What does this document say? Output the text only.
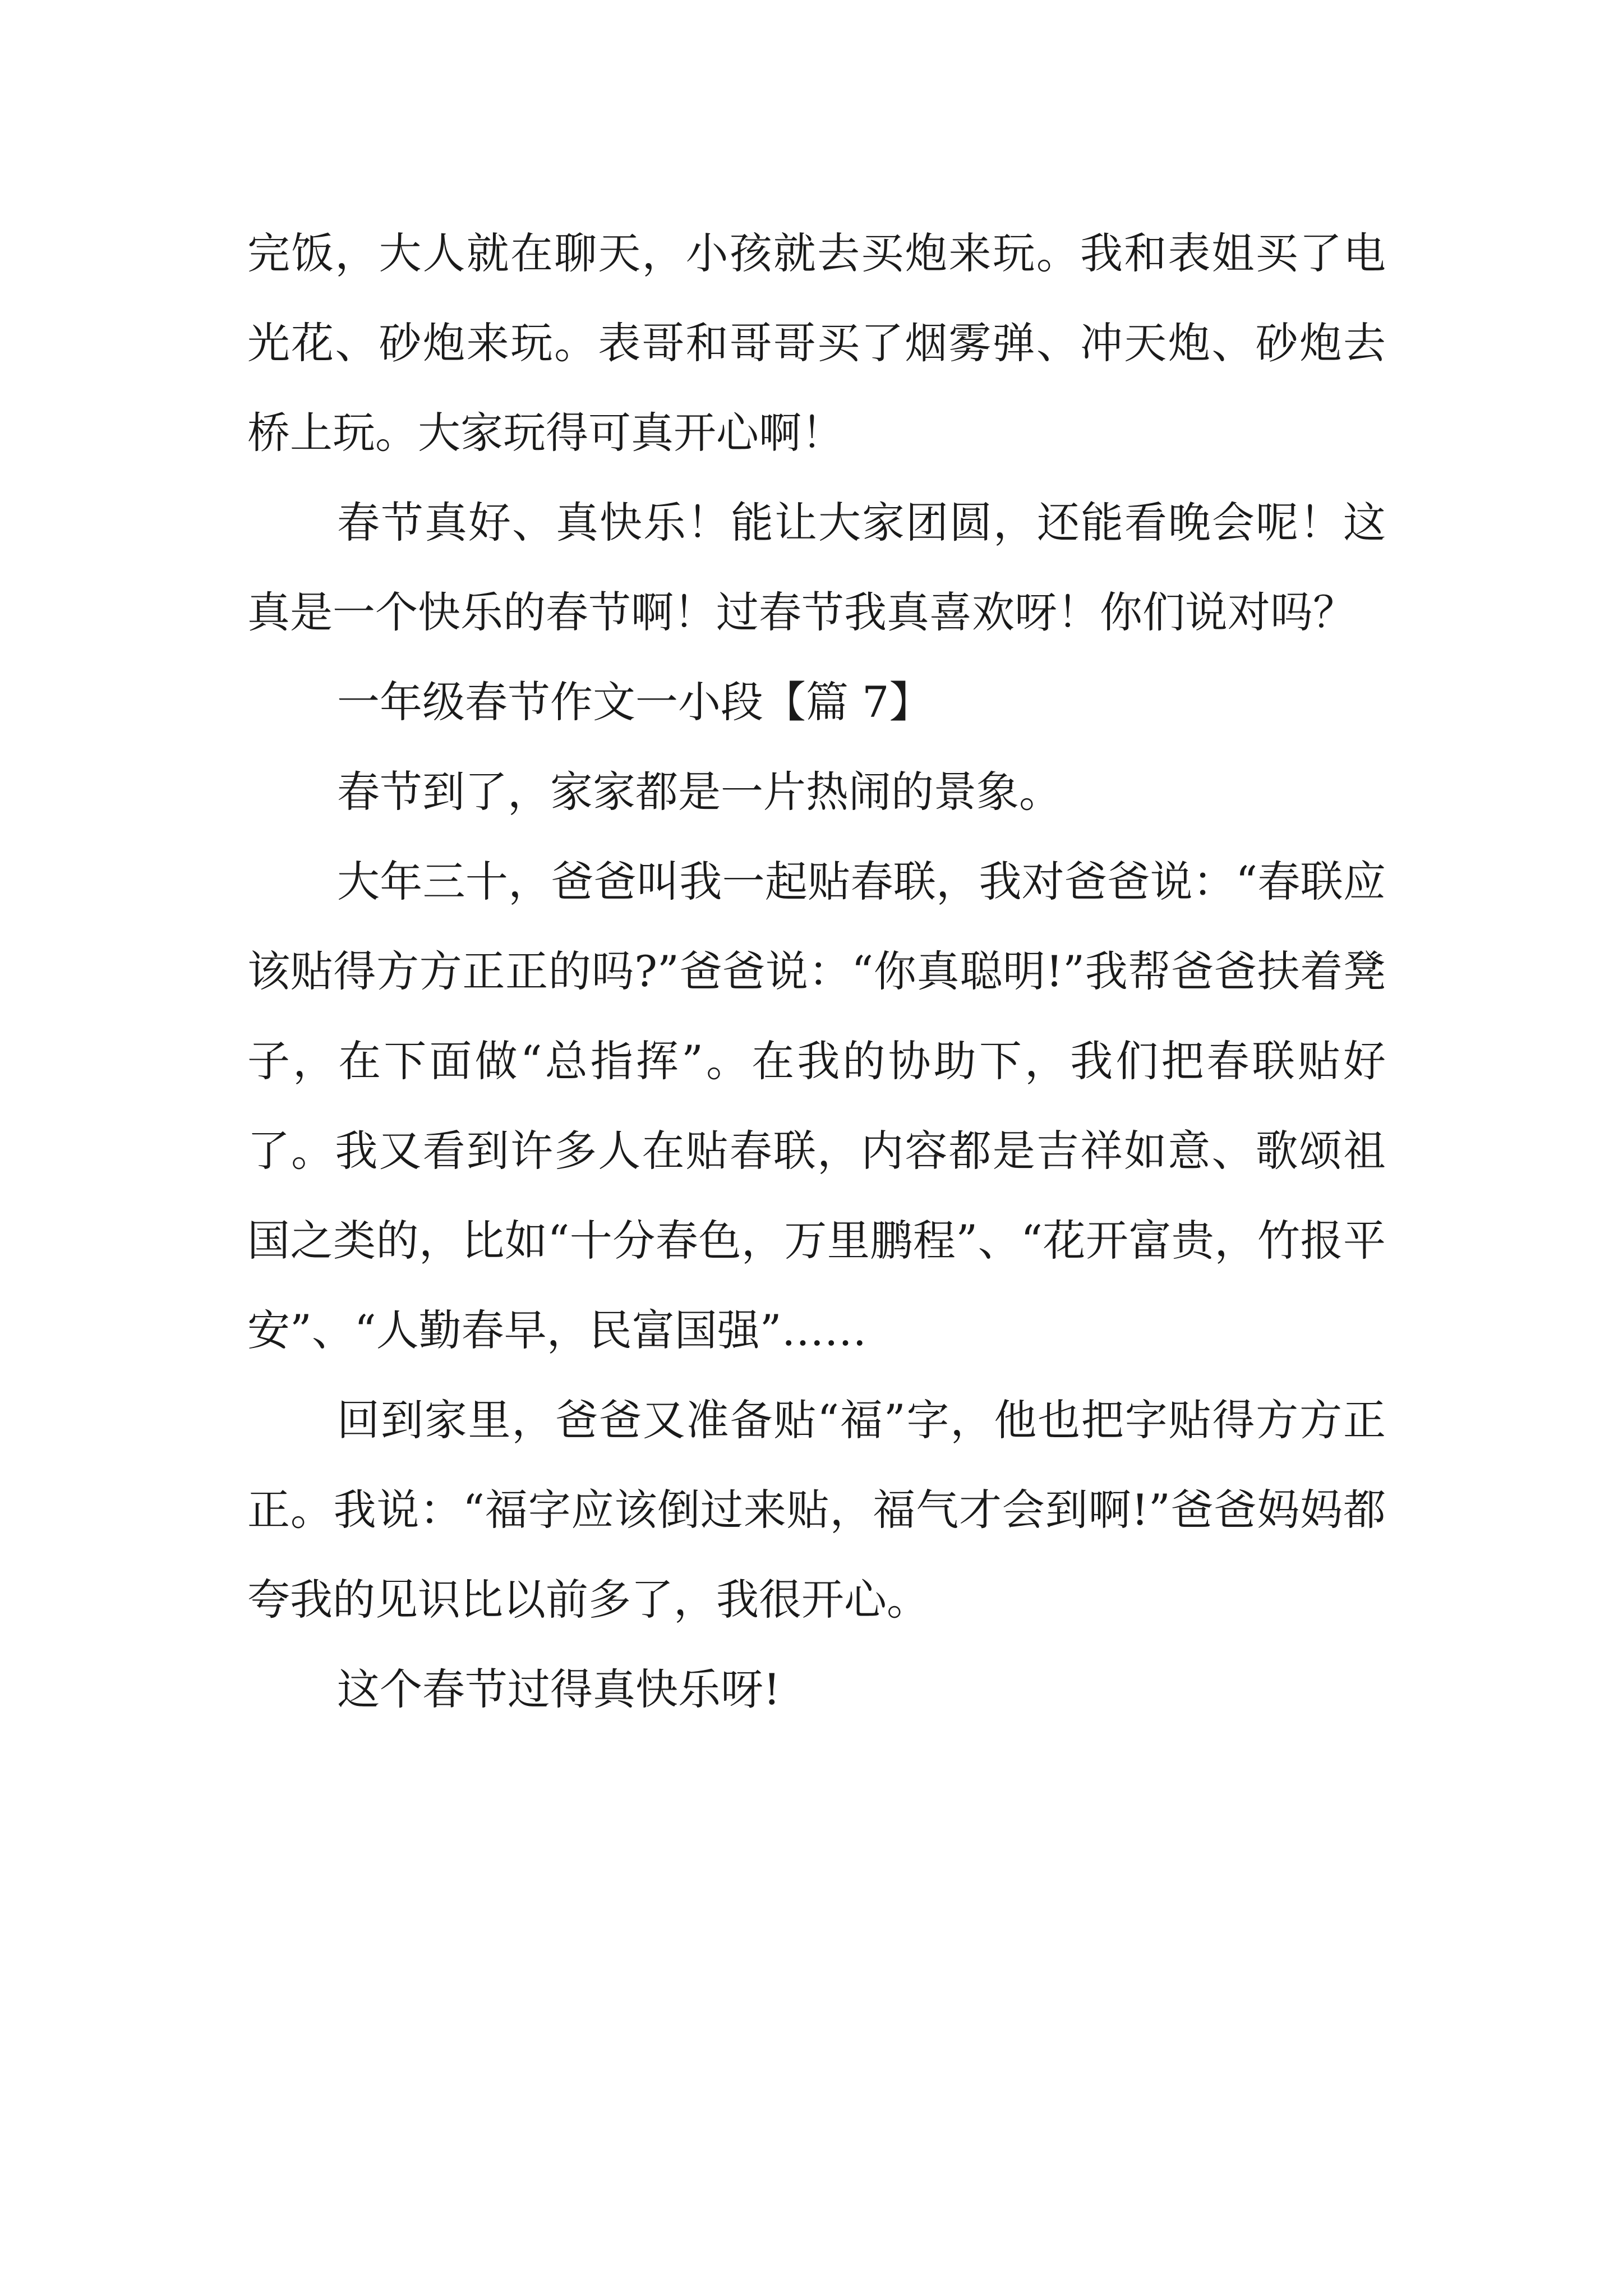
完饭，大人就在聊天，小孩就去买炮来玩。我和表姐买了电光花、砂炮来玩。表哥和哥哥买了烟雾弹、冲天炮、砂炮去桥上玩。大家玩得可真开心啊！

春节真好、真快乐！能让大家团圆，还能看晚会呢！这真是一个快乐的春节啊！过春节我真喜欢呀！你们说对吗？

一年级春节作文一小段【篇 7】

春节到了，家家都是一片热闹的景象。

大年三十，爸爸叫我一起贴春联，我对爸爸说：“春联应该贴得方方正正的吗?”爸爸说：“你真聪明!”我帮爸爸扶着凳子，在下面做“总指挥”。在我的协助下，我们把春联贴好了。我又看到许多人在贴春联，内容都是吉祥如意、歌颂祖国之类的，比如“十分春色，万里鹏程”、“花开富贵，竹报平安”、“人勤春早，民富国强”……

回到家里，爸爸又准备贴“福”字，他也把字贴得方方正正。我说：“福字应该倒过来贴，福气才会到啊!”爸爸妈妈都夸我的见识比以前多了，我很开心。

这个春节过得真快乐呀!
